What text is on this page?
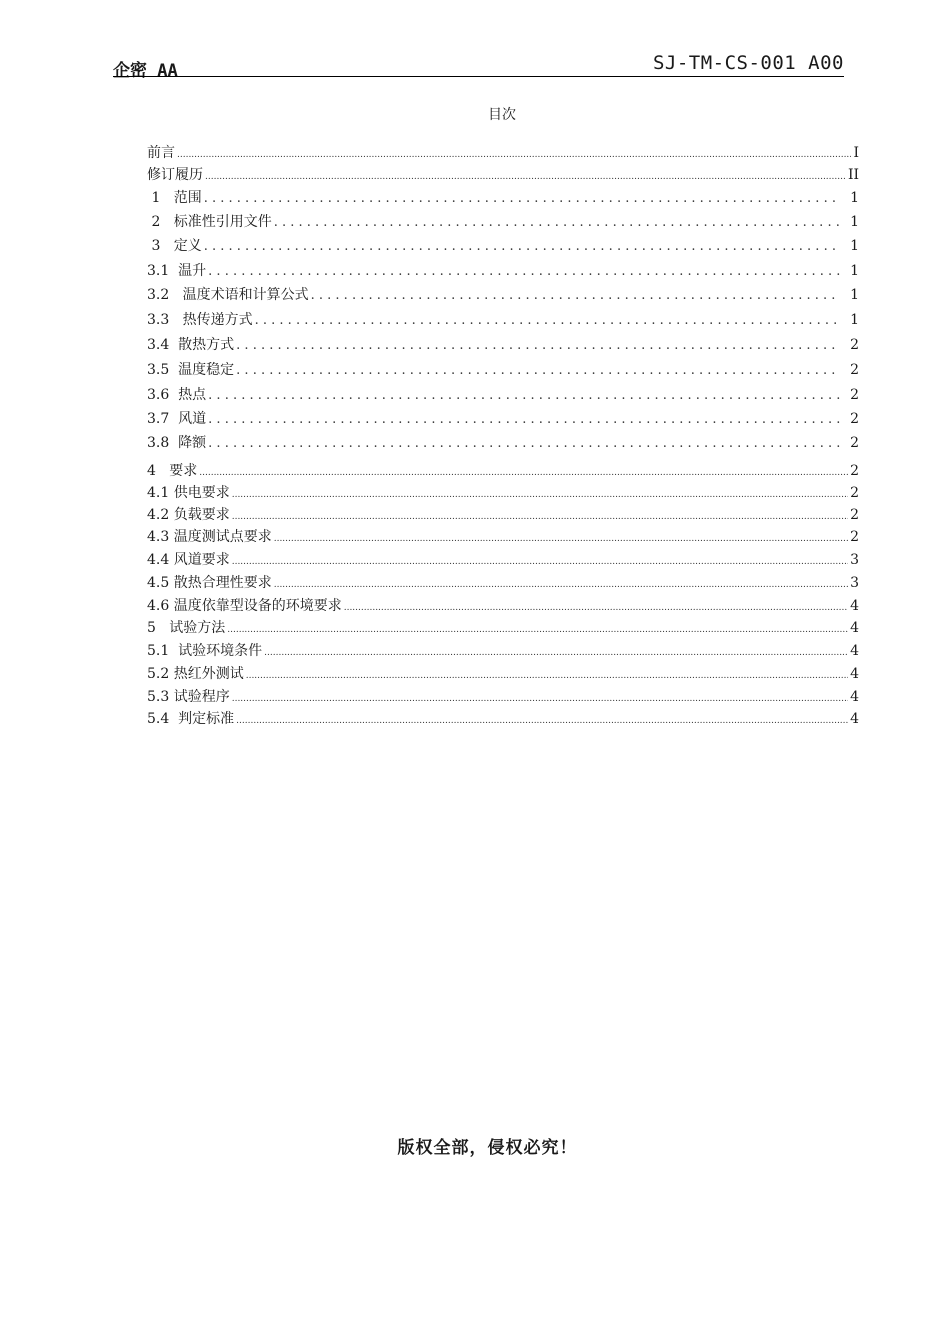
企密 AA	SJ-TM-CS-001 A00
目次
前言 .....	I
修订履历 .....	II
1   范围 . . .	1
2   标准性引用文件 . . .	1
3   定义 . . .	1
3.1  温升 . . .	1
3.2   温度术语和计算公式 . . .	1
3.3   热传递方式 . . .	1
3.4  散热方式 . . .	2
3.5  温度稳定 . . .	2
3.6  热点 . . .	2
3.7  风道 . . .	2
3.8  降额 . . .	2
4   要求 .....	2
4.1 供电要求 .....	2
4.2 负载要求 .....	2
4.3 温度测试点要求 .....	2
4.4 风道要求 .....	3
4.5 散热合理性要求 .....	3
4.6 温度依靠型设备的环境要求 .....	4
5   试验方法 .....	4
5.1  试验环境条件 .....	4
5.2 热红外测试 .....	4
5.3 试验程序 .....	4
5.4  判定标准 .....	4
版权全部，侵权必究！
